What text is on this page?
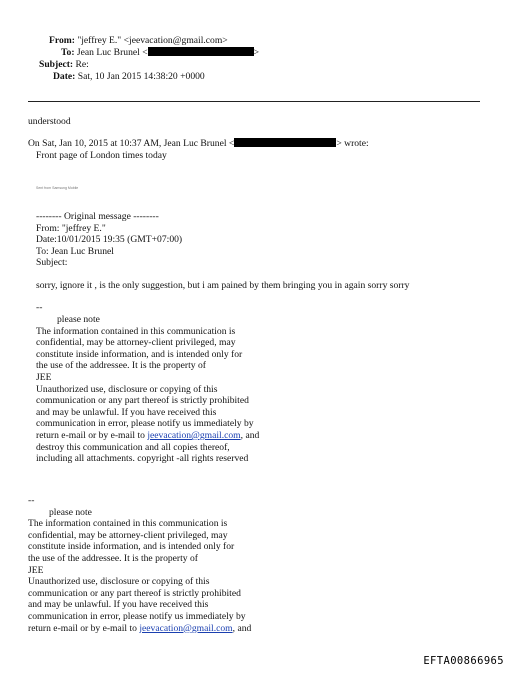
From: "jeffrey E." <jeevacation@gmail.com>
To: Jean Luc Brunel <	>
Subject: Re:
Date: Sat, 10 Jan 2015 14:38:20 +0000
understood
On Sat, Jan 10, 2015 at 10:37 AM, Jean Luc Brunel <	> wrote:
Front page of London times today
Sent from Samsung Mobile
-------- Original message --------
From: "jeffrey E."
Date:10/01/2015 19:35 (GMT+07:00)
To: Jean Luc Brunel
Subject:
sorry, ignore it , is the only suggestion, but i am pained by them bringing you in again sorry sorry
--
please note
The information contained in this communication is
confidential, may be attorney-client privileged, may
constitute inside information, and is intended only for
the use of the addressee. It is the property of
JEE
Unauthorized use, disclosure or copying of this
communication or any part thereof is strictly prohibited
and may be unlawful. If you have received this
communication in error, please notify us immediately by
return e-mail or by e-mail to jeevacation@gmail.com, and
destroy this communication and all copies thereof,
including all attachments. copyright -all rights reserved
--
please note
The information contained in this communication is
confidential, may be attorney-client privileged, may
constitute inside information, and is intended only for
the use of the addressee. It is the property of
JEE
Unauthorized use, disclosure or copying of this
communication or any part thereof is strictly prohibited
and may be unlawful. If you have received this
communication in error, please notify us immediately by
return e-mail or by e-mail to jeevacation@gmail.com, and
EFTA00866965
